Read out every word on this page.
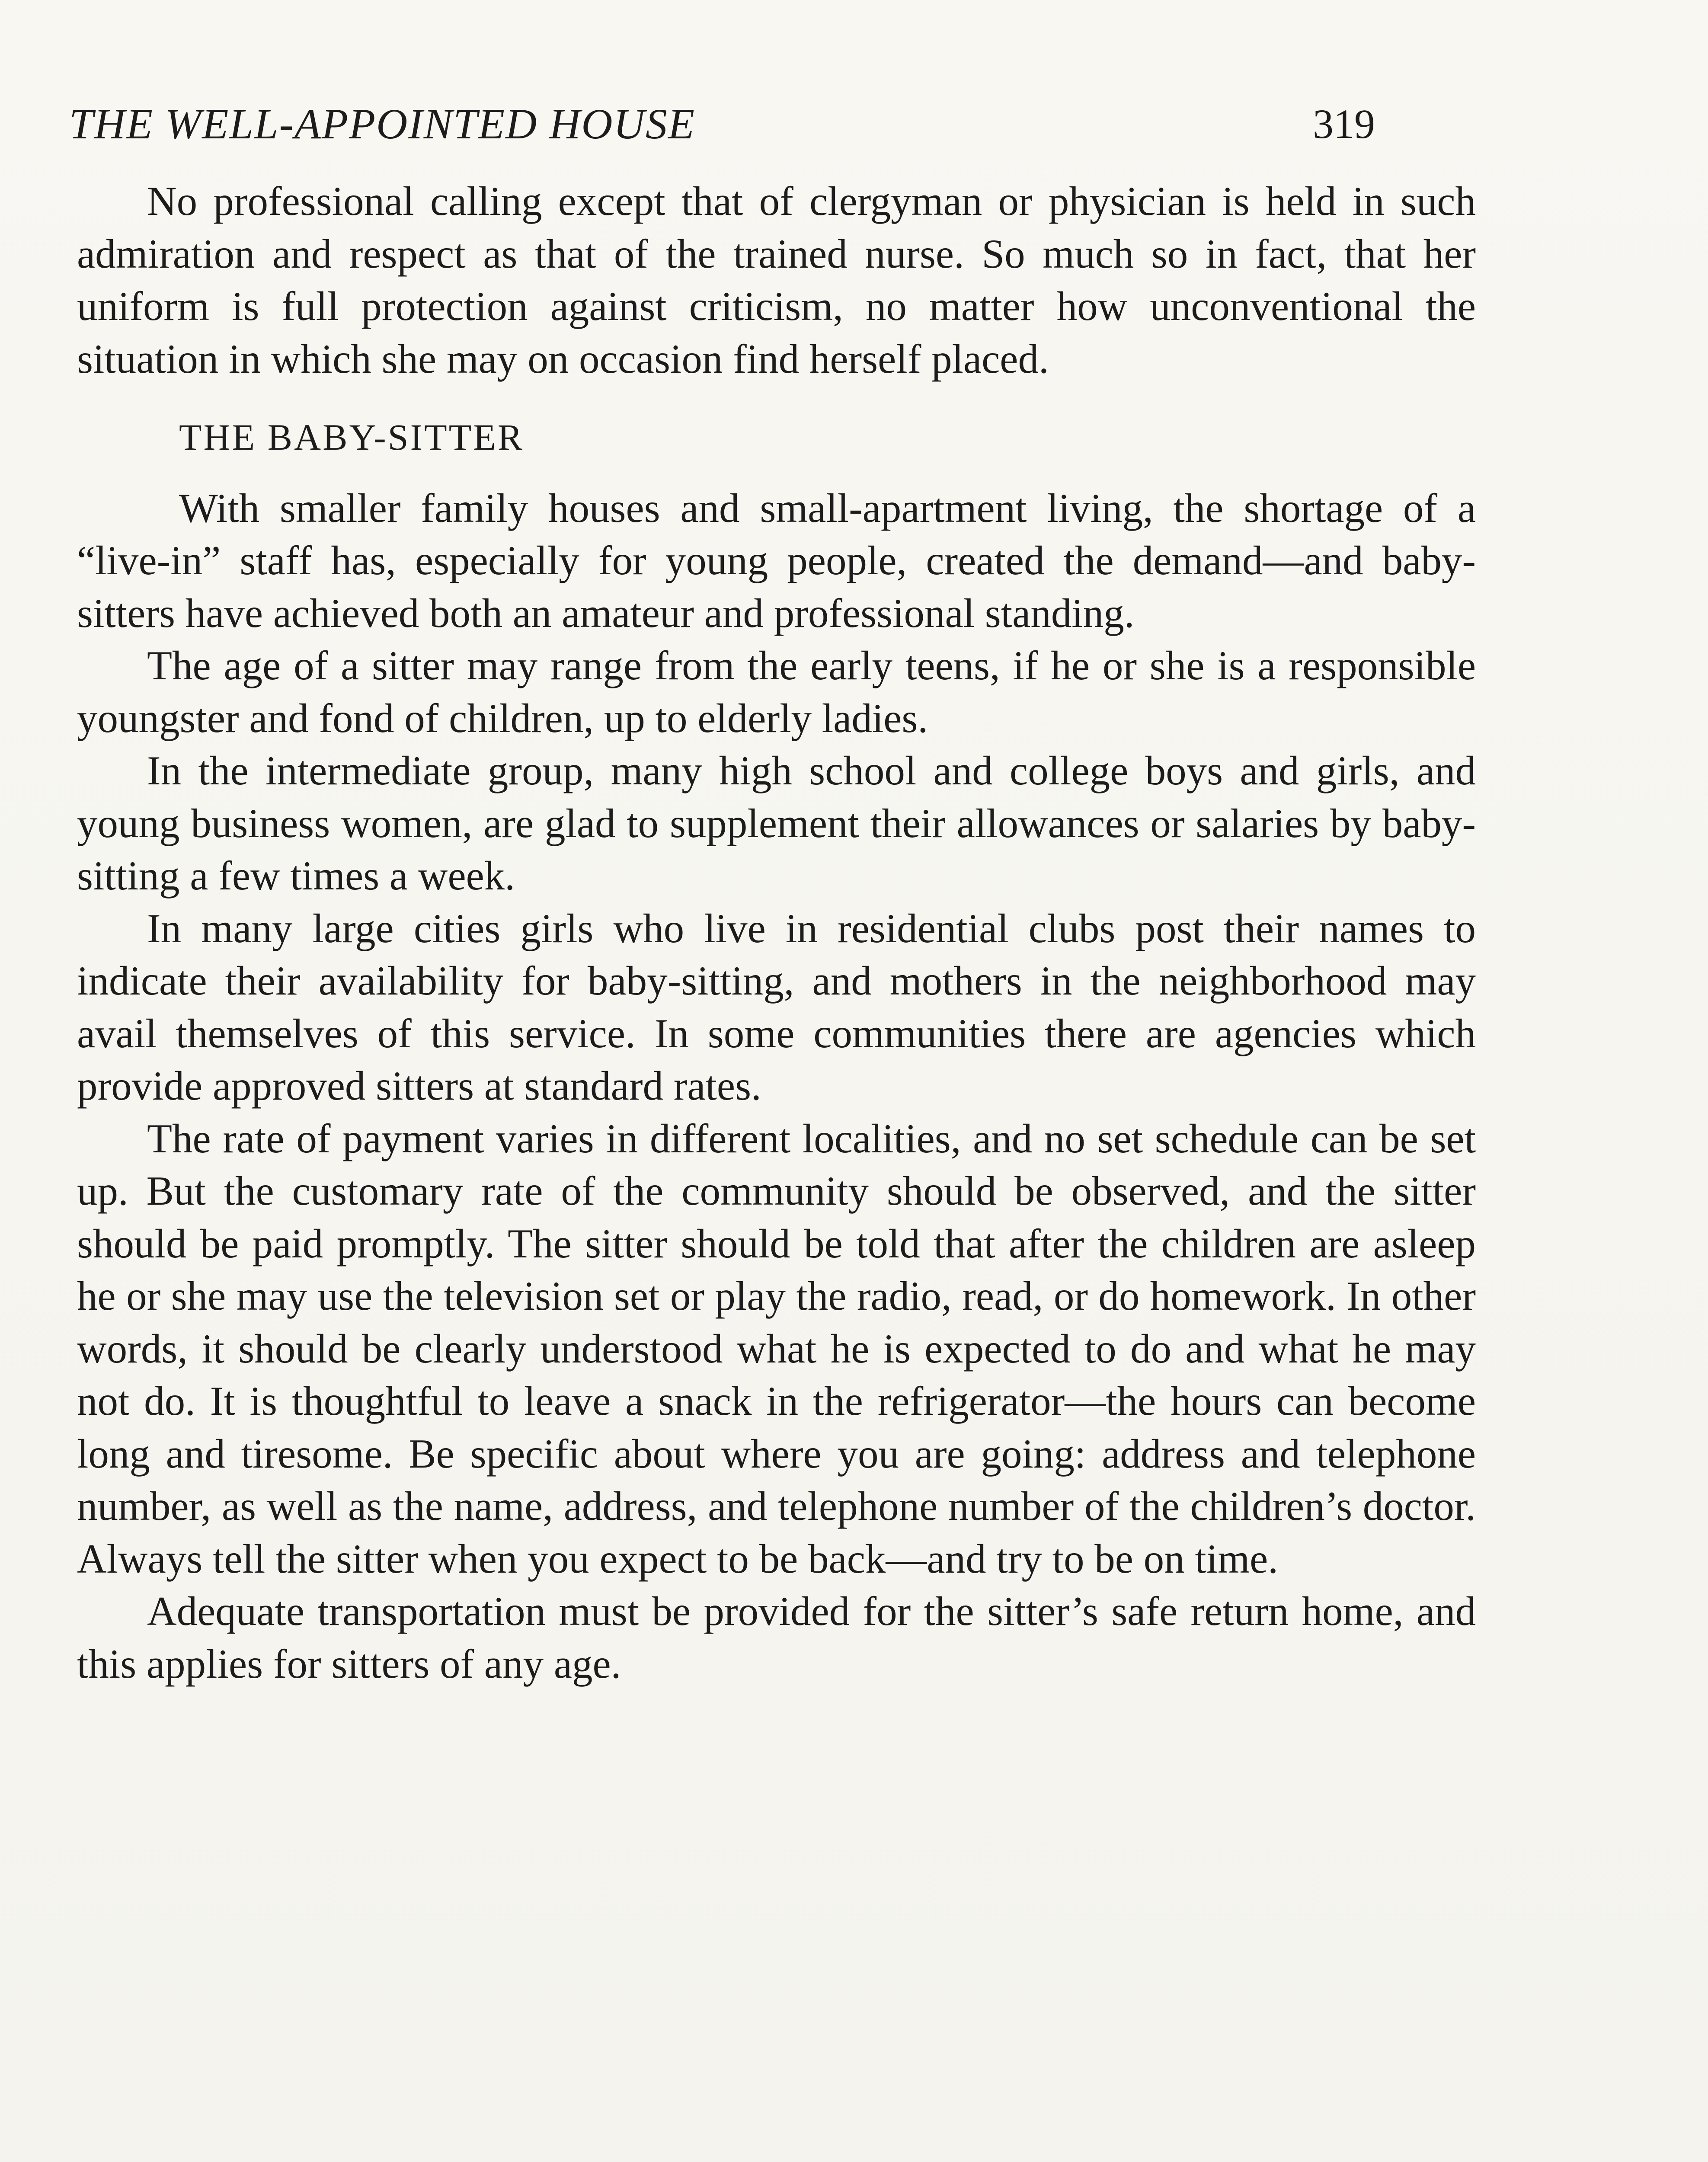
THE WELL-APPOINTED HOUSE	319

No professional calling except that of clergyman or physician is held in such admiration and respect as that of the trained nurse. So much so in fact, that her uniform is full protection against criticism, no matter how unconventional the situation in which she may on occasion find herself placed.

THE BABY-SITTER

With smaller family houses and small-apartment living, the shortage of a “live-in” staff has, especially for young people, created the demand—and baby-sitters have achieved both an amateur and professional standing.

The age of a sitter may range from the early teens, if he or she is a responsible youngster and fond of children, up to elderly ladies.

In the intermediate group, many high school and college boys and girls, and young business women, are glad to supplement their allowances or salaries by baby-sitting a few times a week.

In many large cities girls who live in residential clubs post their names to indicate their availability for baby-sitting, and mothers in the neighborhood may avail themselves of this service. In some communities there are agencies which provide approved sitters at standard rates.

The rate of payment varies in different localities, and no set schedule can be set up. But the customary rate of the community should be observed, and the sitter should be paid promptly. The sitter should be told that after the children are asleep he or she may use the television set or play the radio, read, or do homework. In other words, it should be clearly understood what he is expected to do and what he may not do. It is thoughtful to leave a snack in the refrigerator—the hours can become long and tiresome. Be specific about where you are going: address and telephone number, as well as the name, address, and telephone number of the children’s doctor. Always tell the sitter when you expect to be back—and try to be on time.

Adequate transportation must be provided for the sitter’s safe return home, and this applies for sitters of any age.
